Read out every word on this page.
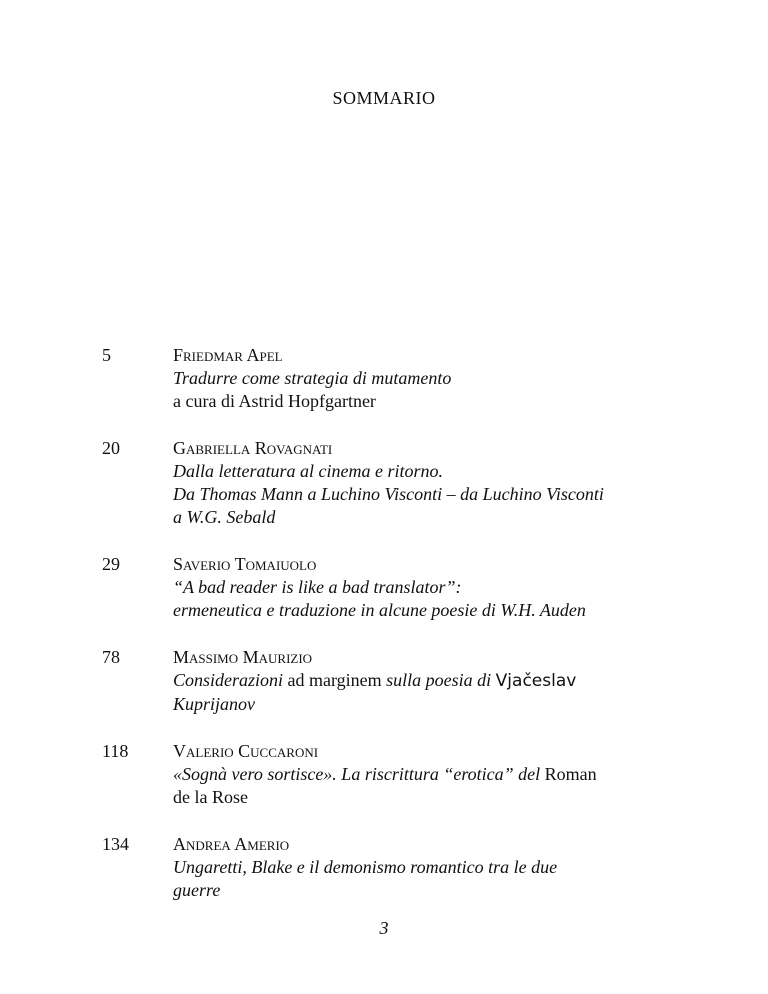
SOMMARIO
5	Friedmar Apel
Tradurre come strategia di mutamento
a cura di Astrid Hopfgartner
20	Gabriella Rovagnati
Dalla letteratura al cinema e ritorno.
Da Thomas Mann a Luchino Visconti – da Luchino Visconti
a W.G. Sebald
29	Saverio Tomaiuolo
“A bad reader is like a bad translator”:
ermeneutica e traduzione in alcune poesie di W.H. Auden
78	Massimo Maurizio
Considerazioni ad marginem sulla poesia di Vjačeslav
Kuprijanov
118 Valerio Cuccaroni
«Sognà vero sortisce». La riscrittura “erotica” del Roman
de la Rose
134 Andrea Amerio
Ungaretti, Blake e il demonismo romantico tra le due
guerre
3
